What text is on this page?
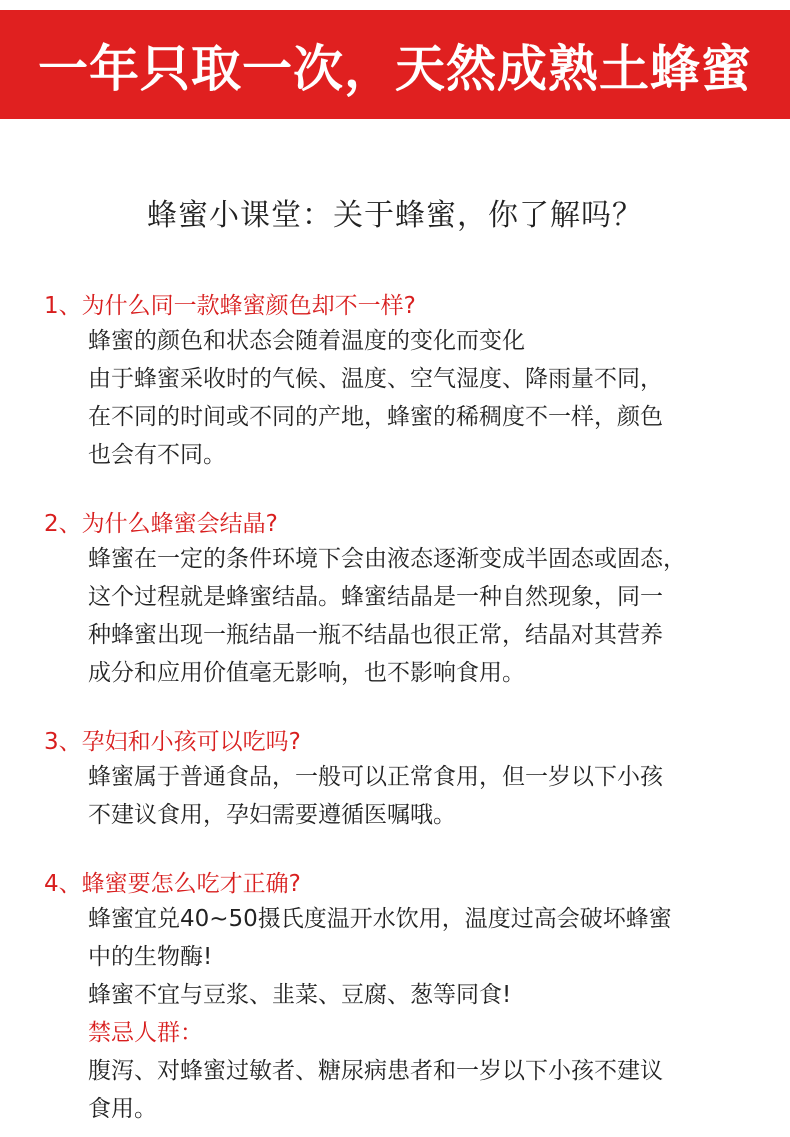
一年只取一次，天然成熟土蜂蜜
蜂蜜小课堂：关于蜂蜜，你了解吗？
1、为什么同一款蜂蜜颜色却不一样?
蜂蜜的颜色和状态会随着温度的变化而变化
由于蜂蜜采收时的气候、温度、空气湿度、降雨量不同，
在不同的时间或不同的产地，蜂蜜的稀稠度不一样，颜色
也会有不同。
2、为什么蜂蜜会结晶?
蜂蜜在一定的条件环境下会由液态逐渐变成半固态或固态，
这个过程就是蜂蜜结晶。蜂蜜结晶是一种自然现象，同一
种蜂蜜出现一瓶结晶一瓶不结晶也很正常，结晶对其营养
成分和应用价值毫无影响，也不影响食用。
3、孕妇和小孩可以吃吗?
蜂蜜属于普通食品，一般可以正常食用，但一岁以下小孩
不建议食用，孕妇需要遵循医嘱哦。
4、蜂蜜要怎么吃才正确?
蜂蜜宜兑40~50摄氏度温开水饮用，温度过高会破坏蜂蜜
中的生物酶!
蜂蜜不宜与豆浆、韭菜、豆腐、葱等同食!
禁忌人群：
腹泻、对蜂蜜过敏者、糖尿病患者和一岁以下小孩不建议
食用。
